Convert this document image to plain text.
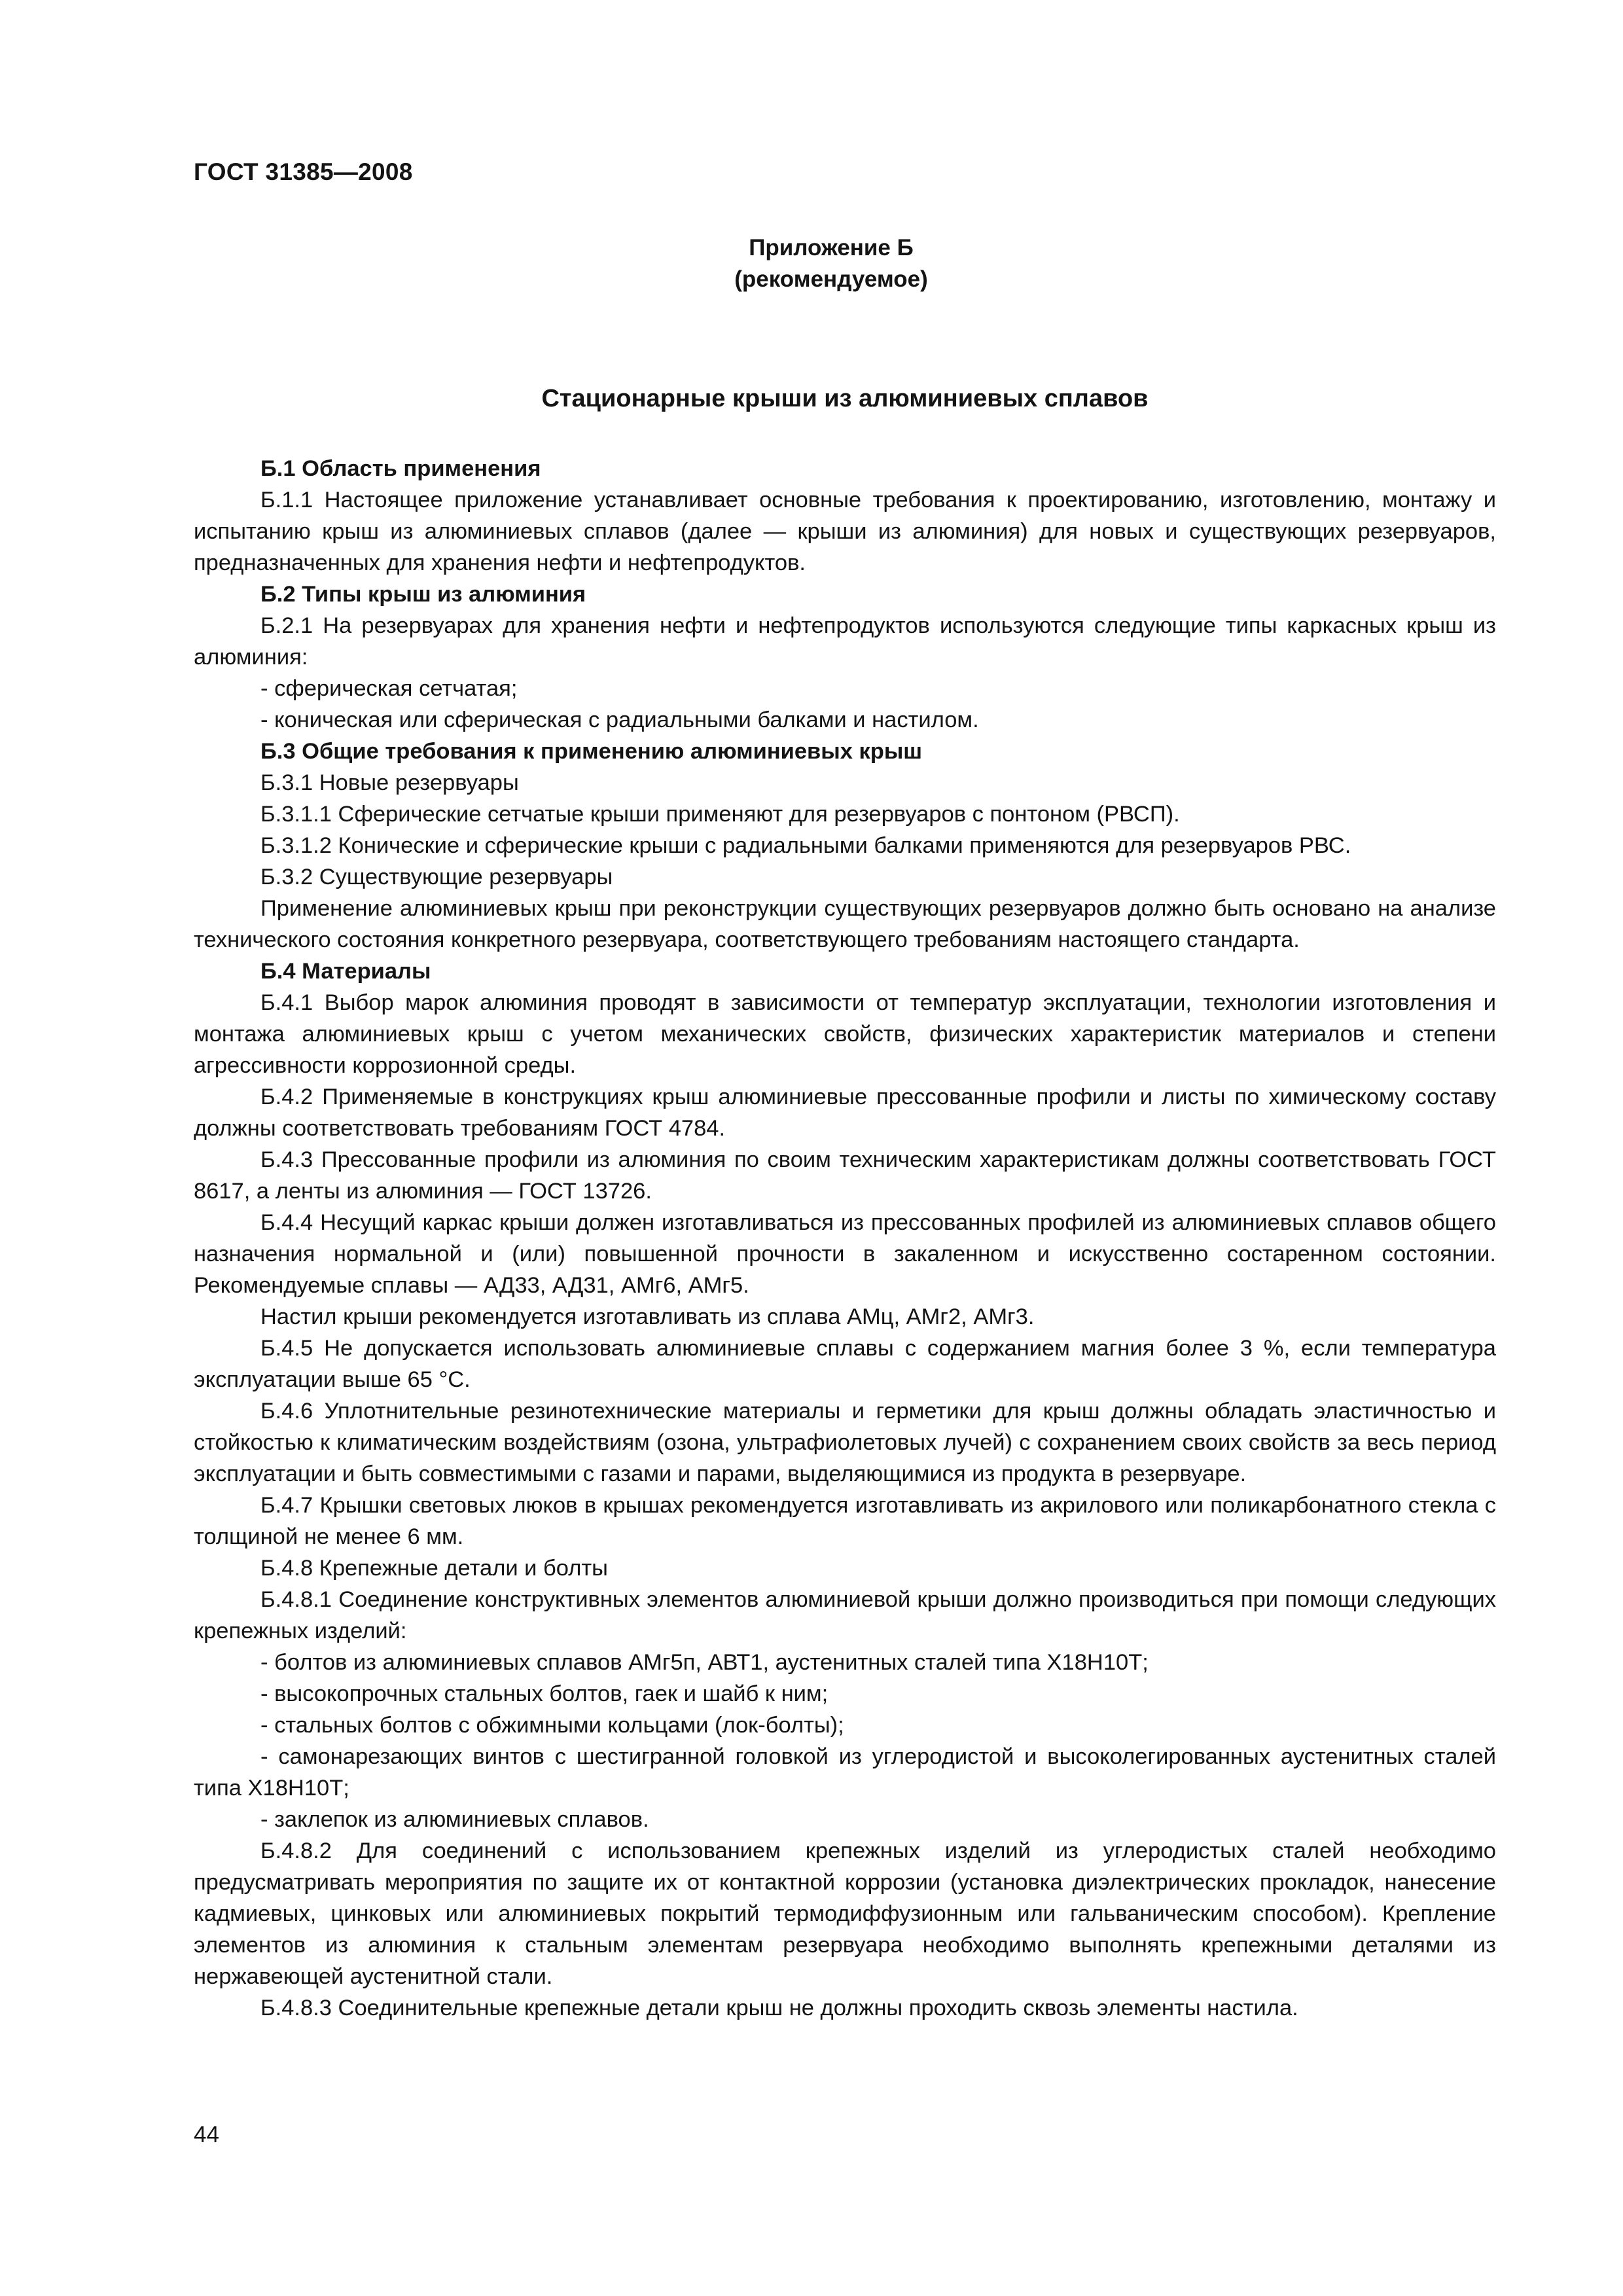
ГОСТ 31385—2008
Приложение Б
(рекомендуемое)
Стационарные крыши из алюминиевых сплавов

Б.1 Область применения

Б.1.1 Настоящее приложение устанавливает основные требования к проектированию, изготовлению, монтажу и испытанию крыш из алюминиевых сплавов (далее — крыши из алюминия) для новых и существующих резервуаров, предназначенных для хранения нефти и нефтепродуктов.

Б.2 Типы крыш из алюминия

Б.2.1 На резервуарах для хранения нефти и нефтепродуктов используются следующие типы каркасных крыш из алюминия:

- сферическая сетчатая;

- коническая или сферическая с радиальными балками и настилом.

Б.3 Общие требования к применению алюминиевых крыш

Б.3.1 Новые резервуары

Б.3.1.1 Сферические сетчатые крыши применяют для резервуаров с понтоном (РВСП).

Б.3.1.2 Конические и сферические крыши с радиальными балками применяются для резервуаров РВС.

Б.3.2 Существующие резервуары

Применение алюминиевых крыш при реконструкции существующих резервуаров должно быть основано на анализе технического состояния конкретного резервуара, соответствующего требованиям настоящего стандарта.

Б.4 Материалы

Б.4.1 Выбор марок алюминия проводят в зависимости от температур эксплуатации, технологии изготовления и монтажа алюминиевых крыш с учетом механических свойств, физических характеристик материалов и степени агрессивности коррозионной среды.

Б.4.2 Применяемые в конструкциях крыш алюминиевые прессованные профили и листы по химическому составу должны соответствовать требованиям ГОСТ 4784.

Б.4.3 Прессованные профили из алюминия по своим техническим характеристикам должны соответствовать ГОСТ 8617, а ленты из алюминия — ГОСТ 13726.

Б.4.4 Несущий каркас крыши должен изготавливаться из прессованных профилей из алюминиевых сплавов общего назначения нормальной и (или) повышенной прочности в закаленном и искусственно состаренном состоянии. Рекомендуемые сплавы — АД33, АД31, АМг6, АМг5.

Настил крыши рекомендуется изготавливать из сплава АМц, АМг2, АМг3.

Б.4.5 Не допускается использовать алюминиевые сплавы с содержанием магния более 3 %, если температура эксплуатации выше 65 °С.

Б.4.6 Уплотнительные резинотехнические материалы и герметики для крыш должны обладать эластичностью и стойкостью к климатическим воздействиям (озона, ультрафиолетовых лучей) с сохранением своих свойств за весь период эксплуатации и быть совместимыми с газами и парами, выделяющимися из продукта в резервуаре.

Б.4.7 Крышки световых люков в крышах рекомендуется изготавливать из акрилового или поликарбонатного стекла с толщиной не менее 6 мм.

Б.4.8 Крепежные детали и болты

Б.4.8.1 Соединение конструктивных элементов алюминиевой крыши должно производиться при помощи следующих крепежных изделий:

- болтов из алюминиевых сплавов АМг5п, АВТ1, аустенитных сталей типа Х18Н10Т;

- высокопрочных стальных болтов, гаек и шайб к ним;

- стальных болтов с обжимными кольцами (лок-болты);

- самонарезающих винтов с шестигранной головкой из углеродистой и высоколегированных аустенитных сталей типа Х18Н10Т;

- заклепок из алюминиевых сплавов.

Б.4.8.2 Для соединений с использованием крепежных изделий из углеродистых сталей необходимо предусматривать мероприятия по защите их от контактной коррозии (установка диэлектрических прокладок, нанесение кадмиевых, цинковых или алюминиевых покрытий термодиффузионным или гальваническим способом). Крепление элементов из алюминия к стальным элементам резервуара необходимо выполнять крепежными деталями из нержавеющей аустенитной стали.

Б.4.8.3 Соединительные крепежные детали крыш не должны проходить сквозь элементы настила.

44
